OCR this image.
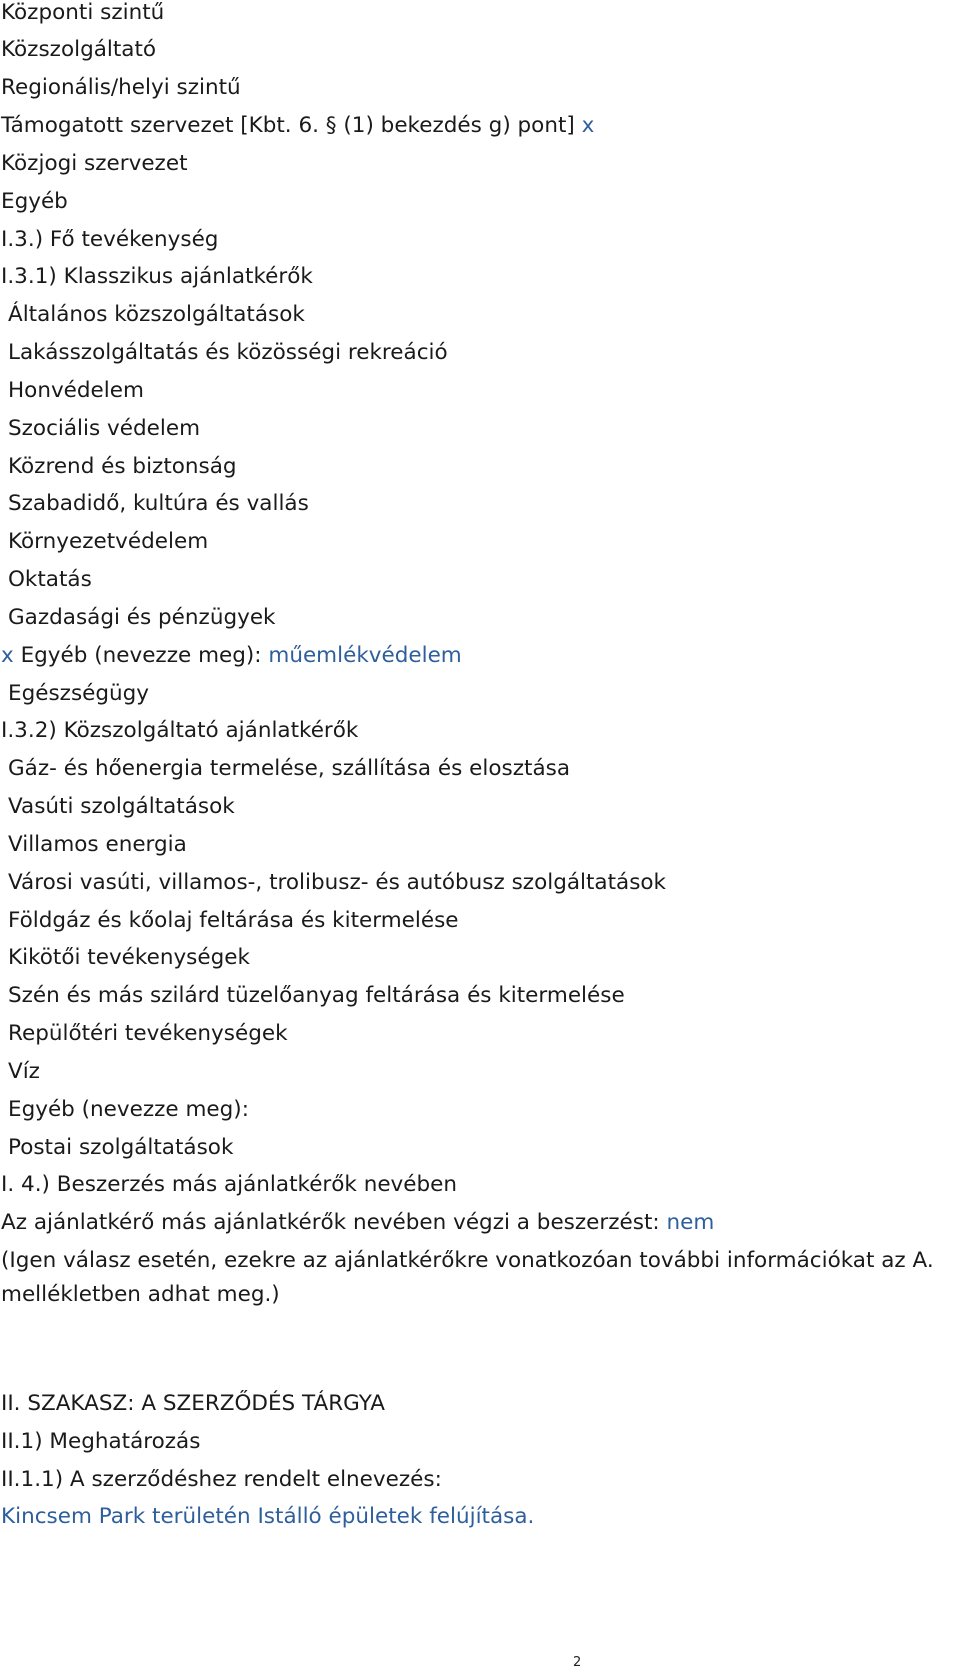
Központi szintű
Közszolgáltató
Regionális/helyi szintű
Támogatott szervezet [Kbt. 6. § (1) bekezdés g) pont] x
Közjogi szervezet
Egyéb
I.3.) Fő tevékenység
I.3.1) Klasszikus ajánlatkérők
Általános közszolgáltatások
Lakásszolgáltatás és közösségi rekreáció
Honvédelem
Szociális védelem
Közrend és biztonság
Szabadidő, kultúra és vallás
Környezetvédelem
Oktatás
Gazdasági és pénzügyek
x Egyéb (nevezze meg): műemlékvédelem
Egészségügy
I.3.2) Közszolgáltató ajánlatkérők
Gáz- és hőenergia termelése, szállítása és elosztása
Vasúti szolgáltatások
Villamos energia
Városi vasúti, villamos-, trolibusz- és autóbusz szolgáltatások
Földgáz és kőolaj feltárása és kitermelése
Kikötői tevékenységek
Szén és más szilárd tüzelőanyag feltárása és kitermelése
Repülőtéri tevékenységek
Víz
Egyéb (nevezze meg):
Postai szolgáltatások
I. 4.) Beszerzés más ajánlatkérők nevében
Az ajánlatkérő más ajánlatkérők nevében végzi a beszerzést: nem
(Igen válasz esetén, ezekre az ajánlatkérőkre vonatkozóan további információkat az A.
mellékletben adhat meg.)
II. SZAKASZ: A SZERZŐDÉS TÁRGYA
II.1) Meghatározás
II.1.1) A szerződéshez rendelt elnevezés:
Kincsem Park területén Istálló épületek felújítása.
2
